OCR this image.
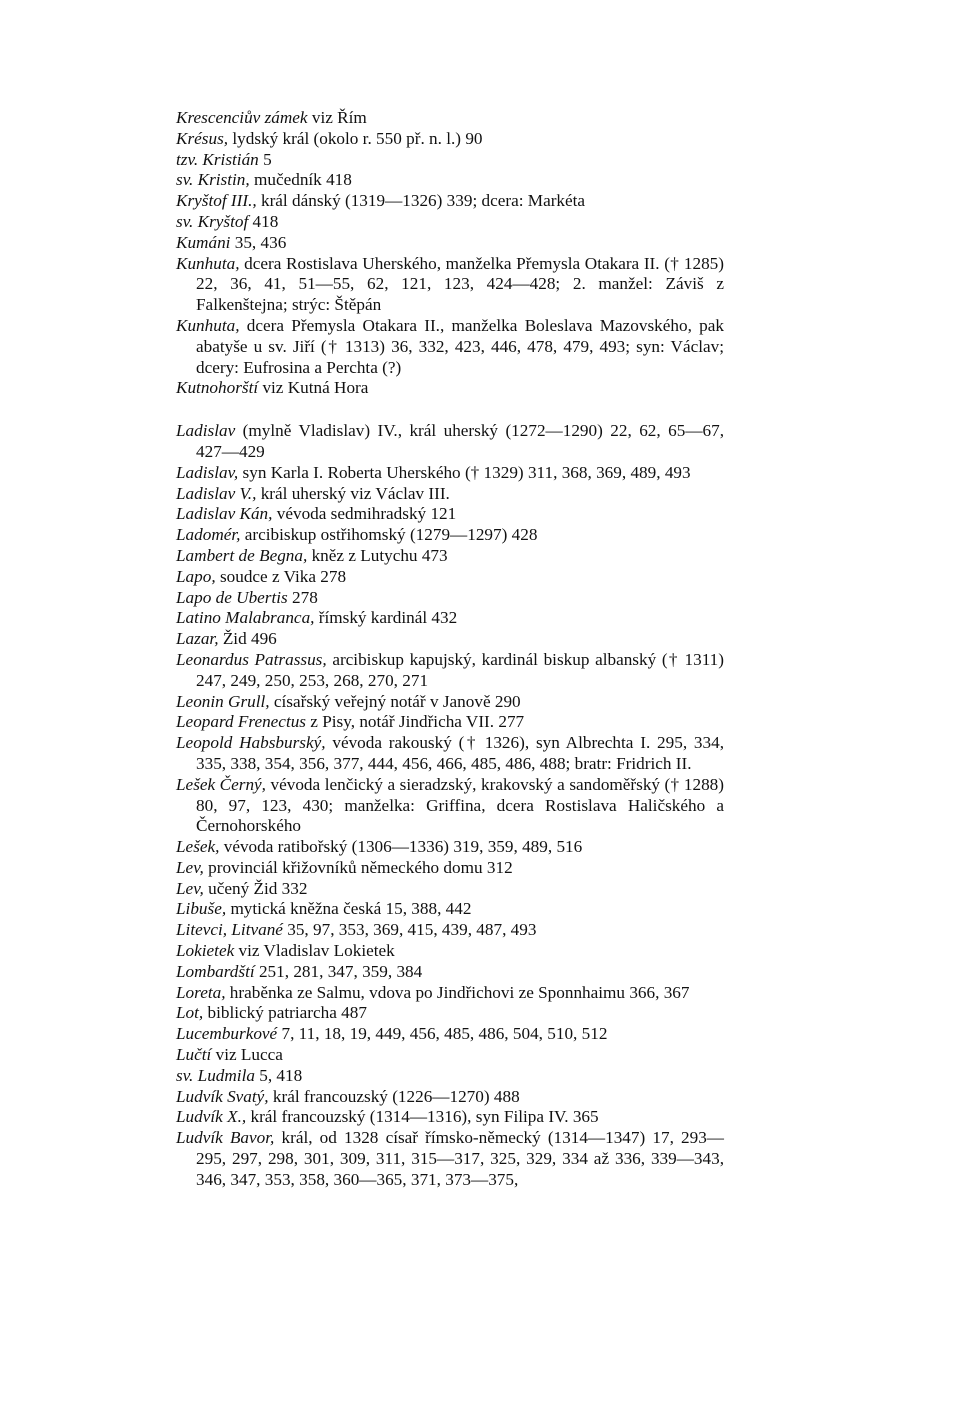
Krescenciův zámek viz Řím

Krésus, lydský král (okolo r. 550 př. n. l.) 90

tzv. Kristián 5

sv. Kristin, mučedník 418

Kryštof III., král dánský (1319—1326) 339; dcera: Markéta

sv. Kryštof 418

Kumáni 35, 436

Kunhuta, dcera Rostislava Uherského, manželka Přemysla Otakara II. († 1285) 22, 36, 41, 51—55, 62, 121, 123, 424—428; 2. manžel: Záviš z Falkenštejna; strýc: Štěpán

Kunhuta, dcera Přemysla Otakara II., manželka Boleslava Mazovského, pak abatyše u sv. Jiří († 1313) 36, 332, 423, 446, 478, 479, 493; syn: Václav; dcery: Eufrosina a Perchta (?)

Kutnohorští viz Kutná Hora

Ladislav (mylně Vladislav) IV., král uherský (1272—1290) 22, 62, 65—67, 427—429

Ladislav, syn Karla I. Roberta Uherského († 1329) 311, 368, 369, 489, 493

Ladislav V., král uherský viz Václav III.

Ladislav Kán, vévoda sedmihradský 121

Ladomér, arcibiskup ostřihomský (1279—1297) 428

Lambert de Begna, kněz z Lutychu 473

Lapo, soudce z Vika 278

Lapo de Ubertis 278

Latino Malabranca, římský kardinál 432

Lazar, Žid 496

Leonardus Patrassus, arcibiskup kapujský, kardinál biskup albanský († 1311) 247, 249, 250, 253, 268, 270, 271

Leonin Grull, císařský veřejný notář v Janově 290

Leopard Frenectus z Pisy, notář Jindřicha VII. 277

Leopold Habsburský, vévoda rakouský († 1326), syn Albrechta I. 295, 334, 335, 338, 354, 356, 377, 444, 456, 466, 485, 486, 488; bratr: Fridrich II.

Lešek Černý, vévoda lenčický a sieradzský, krakovský a sandoměřský († 1288) 80, 97, 123, 430; manželka: Griffina, dcera Rostislava Haličského a Černohorského

Lešek, vévoda ratibořský (1306—1336) 319, 359, 489, 516

Lev, provinciál křižovníků německého domu 312

Lev, učený Žid 332

Libuše, mytická kněžna česká 15, 388, 442

Litevci, Litvané 35, 97, 353, 369, 415, 439, 487, 493

Lokietek viz Vladislav Lokietek

Lombardští 251, 281, 347, 359, 384

Loreta, hraběnka ze Salmu, vdova po Jindřichovi ze Sponnhaimu 366, 367

Lot, biblický patriarcha 487

Lucemburkové 7, 11, 18, 19, 449, 456, 485, 486, 504, 510, 512

Lučtí viz Lucca

sv. Ludmila 5, 418

Ludvík Svatý, král francouzský (1226—1270) 488

Ludvík X., král francouzský (1314—1316), syn Filipa IV. 365

Ludvík Bavor, král, od 1328 císař římsko-německý (1314—1347) 17, 293—295, 297, 298, 301, 309, 311, 315—317, 325, 329, 334 až 336, 339—343, 346, 347, 353, 358, 360—365, 371, 373—375,
